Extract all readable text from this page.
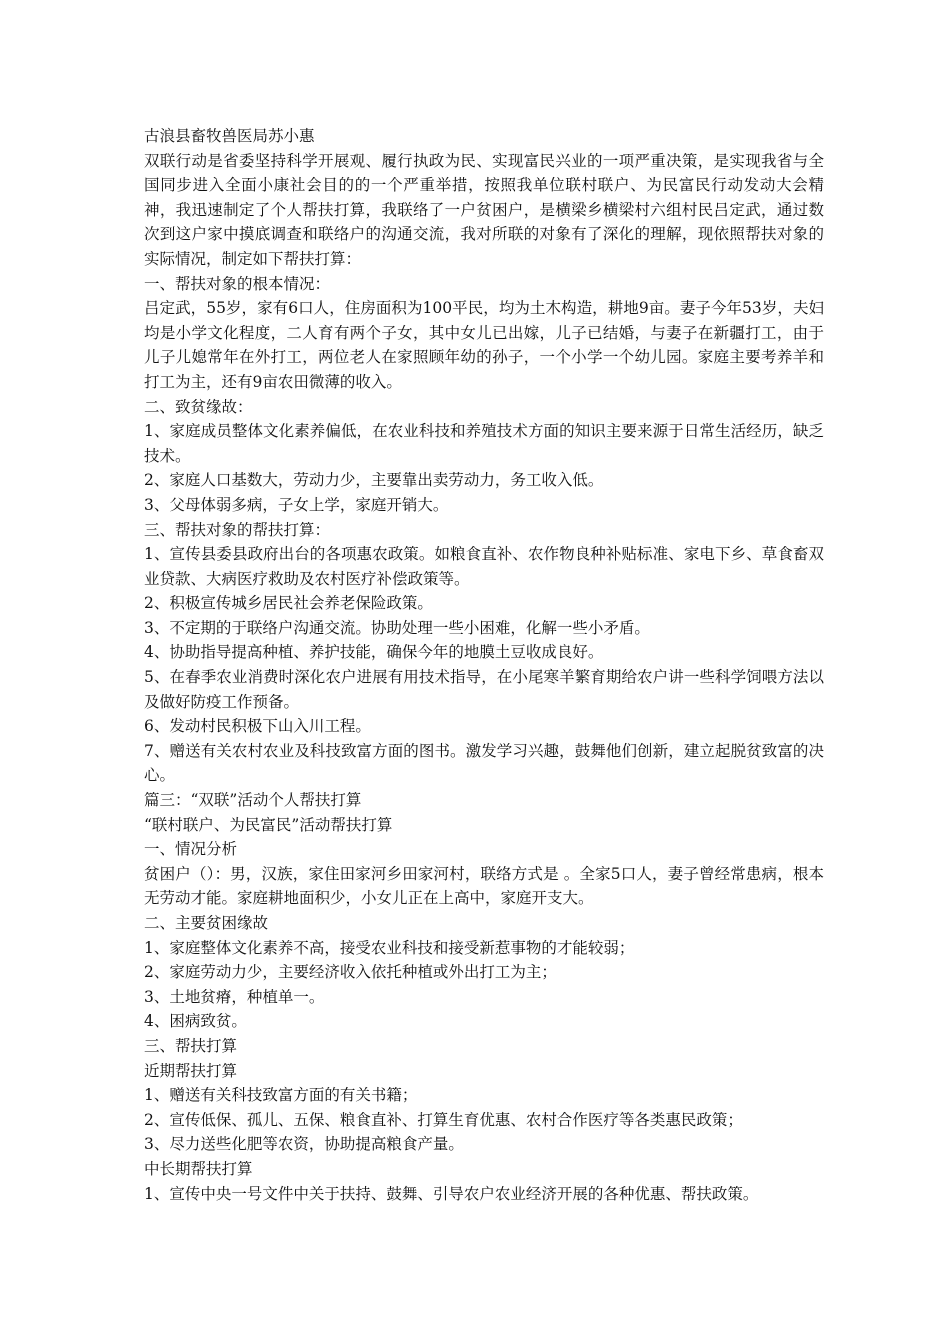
古浪县畜牧兽医局苏小惠

双联行动是省委坚持科学开展观、履行执政为民、实现富民兴业的一项严重决策，是实现我省与全国同步进入全面小康社会目的的一个严重举措，按照我单位联村联户、为民富民行动发动大会精神，我迅速制定了个人帮扶打算，我联络了一户贫困户，是横梁乡横梁村六组村民吕定武，通过数次到这户家中摸底调查和联络户的沟通交流，我对所联的对象有了深化的理解，现依照帮扶对象的实际情况，制定如下帮扶打算：

一、帮扶对象的根本情况：

吕定武，55岁，家有6口人，住房面积为100平民，均为土木构造，耕地9亩。妻子今年53岁，夫妇均是小学文化程度，二人育有两个子女，其中女儿已出嫁，儿子已结婚，与妻子在新疆打工，由于儿子儿媳常年在外打工，两位老人在家照顾年幼的孙子，一个小学一个幼儿园。家庭主要考养羊和打工为主，还有9亩农田微薄的收入。

二、致贫缘故：

1、家庭成员整体文化素养偏低，在农业科技和养殖技术方面的知识主要来源于日常生活经历，缺乏技术。

2、家庭人口基数大，劳动力少，主要靠出卖劳动力，务工收入低。

3、父母体弱多病，子女上学，家庭开销大。

三、帮扶对象的帮扶打算：

1、宣传县委县政府出台的各项惠农政策。如粮食直补、农作物良种补贴标准、家电下乡、草食畜双业贷款、大病医疗救助及农村医疗补偿政策等。

2、积极宣传城乡居民社会养老保险政策。

3、不定期的于联络户沟通交流。协助处理一些小困难，化解一些小矛盾。

4、协助指导提高种植、养护技能，确保今年的地膜土豆收成良好。

5、在春季农业消费时深化农户进展有用技术指导，在小尾寒羊繁育期给农户讲一些科学饲喂方法以及做好防疫工作预备。

6、发动村民积极下山入川工程。

7、赠送有关农村农业及科技致富方面的图书。激发学习兴趣，鼓舞他们创新，建立起脱贫致富的决心。

篇三：“双联”活动个人帮扶打算

“联村联户、为民富民”活动帮扶打算

一、情况分析

贫困户（）：男，汉族，家住田家河乡田家河村，联络方式是 。全家5口人，妻子曾经常患病，根本无劳动才能。家庭耕地面积少，小女儿正在上高中，家庭开支大。

二、主要贫困缘故

1、家庭整体文化素养不高，接受农业科技和接受新惹事物的才能较弱；

2、家庭劳动力少，主要经济收入依托种植或外出打工为主；

3、土地贫瘠，种植单一。

4、困病致贫。

三、帮扶打算

近期帮扶打算

1、赠送有关科技致富方面的有关书籍；

2、宣传低保、孤儿、五保、粮食直补、打算生育优惠、农村合作医疗等各类惠民政策；

3、尽力送些化肥等农资，协助提高粮食产量。

中长期帮扶打算

1、宣传中央一号文件中关于扶持、鼓舞、引导农户农业经济开展的各种优惠、帮扶政策。
